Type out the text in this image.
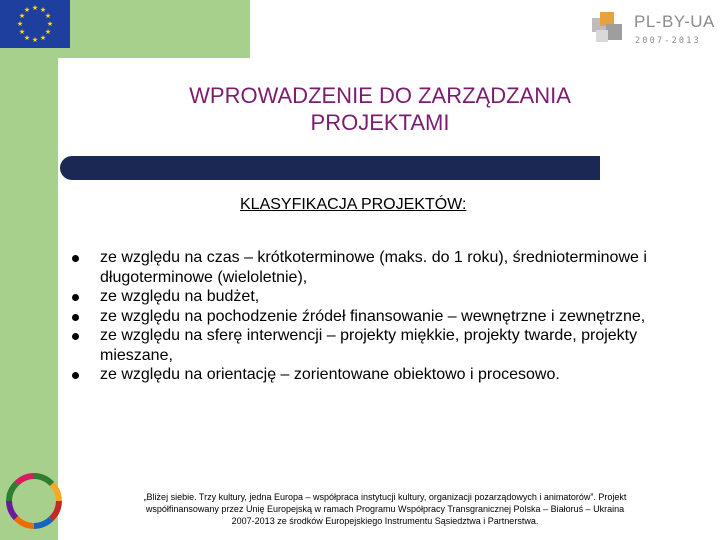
★ ★
★
★
★
★
★
★
★
★
★
★
PL-BY-UA
2007-2013
WPROWADZENIE DO ZARZĄDZANIA
PROJEKTAMI
KLASYFIKACJA PROJEKTÓW:
ze względu na czas – krótkoterminowe (maks. do 1 roku), średnioterminowe i długoterminowe (wieloletnie),
ze względu na budżet,
ze względu na pochodzenie źródeł finansowanie – wewnętrzne i zewnętrzne,
ze względu na sferę interwencji – projekty miękkie, projekty twarde, projekty mieszane,
ze względu na orientację – zorientowane obiektowo i procesowo.
„Bliżej siebie. Trzy kultury, jedna Europa – współpraca instytucji kultury, organizacji pozarządowych i animatorów”. Projekt
współfinansowany przez Unię Europejską w ramach Programu Współpracy Transgranicznej Polska – Białoruś – Ukraina
2007-2013 ze środków Europejskiego Instrumentu Sąsiedztwa i Partnerstwa.
